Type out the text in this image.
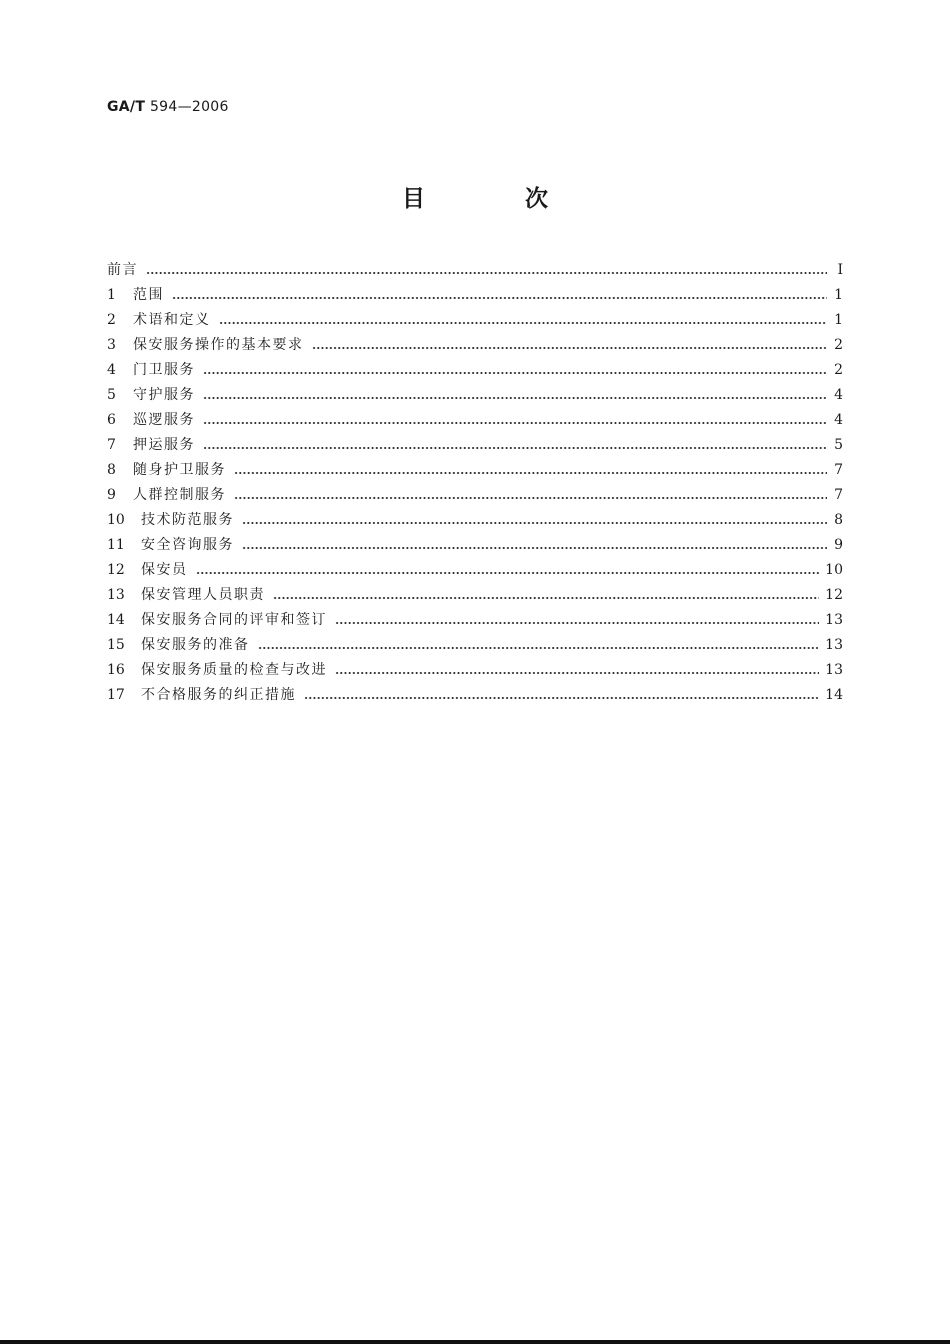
GA/T 594—2006
目 次
前言	I
1	范围	1
2	术语和定义	1
3	保安服务操作的基本要求	2
4	门卫服务	2
5	守护服务	4
6	巡逻服务	4
7	押运服务	5
8	随身护卫服务	7
9	人群控制服务	7
10	技术防范服务	8
11	安全咨询服务	9
12	保安员	10
13	保安管理人员职责	12
14	保安服务合同的评审和签订	13
15	保安服务的准备	13
16	保安服务质量的检查与改进	13
17	不合格服务的纠正措施	14
